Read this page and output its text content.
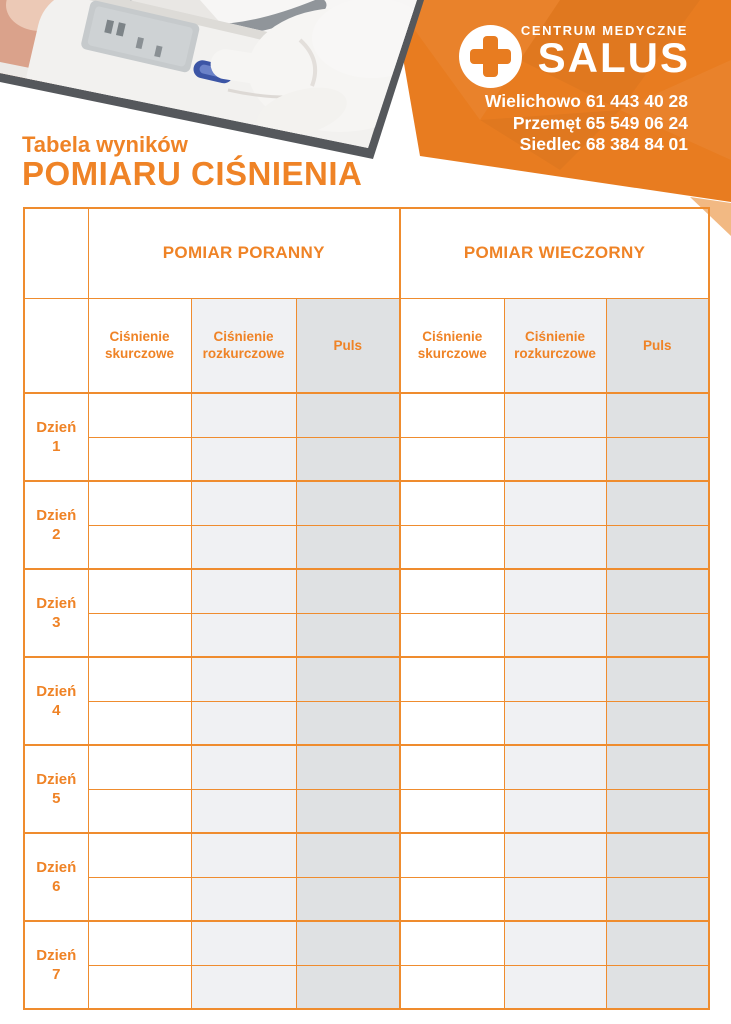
CENTRUM MEDYCZNE
SALUS
Wielichowo 61 443 40 28
Przemęt 65 549 06 24
Siedlec 68 384 84 01
Tabela wyników
POMIARU CIŚNIENIA
	POMIAR PORANNY			POMIAR WIECZORNY		
	Ciśnienie skurczowe	Ciśnienie rozkurczowe	Puls	Ciśnienie skurczowe	Ciśnienie rozkurczowe	Puls

Dzień
1						

Dzień
2						

Dzień
3						

Dzień
4						

Dzień
5						

Dzień
6						

Dzień
7						
